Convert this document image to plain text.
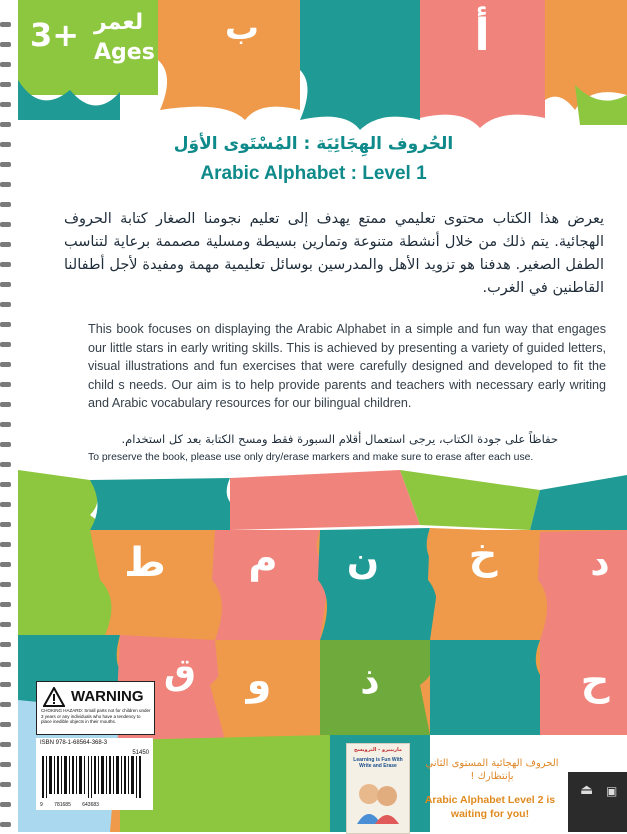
3+ لعمر
Ages
ب	أ
الحُروف الهِجَائِيَة : المُسْتَوى الأوَل
Arabic Alphabet : Level 1
يعرض هذا الكتاب محتوى تعليمي ممتع يهدف إلى تعليم نجومنا الصغار كتابة الحروف الهجائية. يتم ذلك من خلال أنشطة متنوعة وتمارين بسيطة ومسلية مصممة برعاية لتناسب الطفل الصغير. هدفنا هو تزويد الأهل والمدرسين بوسائل تعليمية مهمة ومفيدة لأجل أطفالنا القاطنين في الغرب.
This book focuses on displaying the Arabic Alphabet in a simple and fun way that engages our little stars in early writing skills. This is achieved by presenting a variety of guided letters, visual illustrations and fun exercises that were carefully designed and developed to fit the child s needs. Our aim is to help provide parents and teachers with necessary early writing and Arabic vocabulary resources for our bilingual children.
حفاظاً على جودة الكتاب، يرجى استعمال أقلام السبورة فقط ومسح الكتابة بعد كل استخدام.
To preserve the book, please use only dry/erase markers and make sure to erase after each use.
ط م ن خ د
ق	و	ذ	ح
WARNING
CHOKING HAZARD: Small parts not for children under 3 years or any individuals who have a tendency to place inedible objects in their mouths.
ISBN 978-1-68564-368-3
51450
9 781685 643683
ماريبيرو - الترويسح
Learning is Fun With Write and Erase	الحروف الهجائية المستوى الثاني بإنتظارك !
Arabic Alphabet Level 2 is waiting for you!
⏏ ▣
